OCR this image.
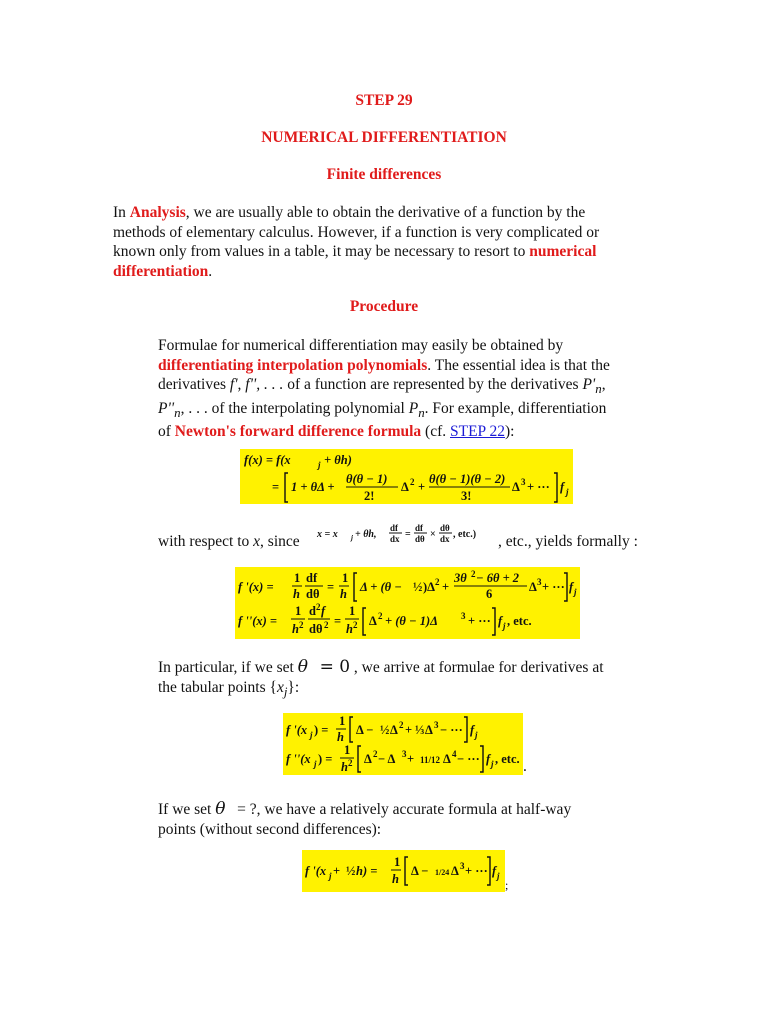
STEP 29
NUMERICAL DIFFERENTIATION
Finite differences
In Analysis, we are usually able to obtain the derivative of a function by the
methods of elementary calculus. However, if a function is very complicated or
known only from values in a table, it may be necessary to resort to numerical
differentiation.
Procedure
Formulae for numerical differentiation may easily be obtained by
differentiating interpolation polynomials. The essential idea is that the
derivatives f', f'', . . . of a function are represented by the derivatives $P'_n$,
$P''_n$, . . . of the interpolating polynomial $P_n$. For example, differentiation
of Newton's forward difference formula (cf. STEP 22):
f(x) = f(x	j + θh)
= 1 + θΔ +
θ(θ − 1)
2!
Δ 2 +
θ(θ − 1)(θ − 2)
3!
Δ 3 + ··· f j
with respect to x, since	x = x j + θh,
df
dx =
df
dθ ×
dθ
dx , etc.) , etc., yields formally :
f '(x) =
1
h
df
dθ =
1
h Δ + (θ − ½ )Δ 2 +
3θ 2 − 6θ + 2
6	Δ 3 + ··· f j
f ''(x) =
1
h 2
d 2 f
dθ 2 =
1
h 2 Δ 2 + (θ − 1)Δ	3 + ··· f j , etc.
In particular, if we set θ = 0 , we arrive at formulae for derivatives at
the tabular points $\{x_j\}$:
f '(x j ) =
1
h Δ − ½ Δ 2 + ⅓ Δ 3 − ··· f j
f ''(x j ) =
1
h 2 Δ 2 − Δ 3 + 11/12 Δ 4 − ··· f j , etc. .
If we set θ = ?, we have a relatively accurate formula at half-way
points (without second differences):
f '(x j + ½ h) =
1
h
Δ − 1/24 Δ 3 + ··· f j
;
